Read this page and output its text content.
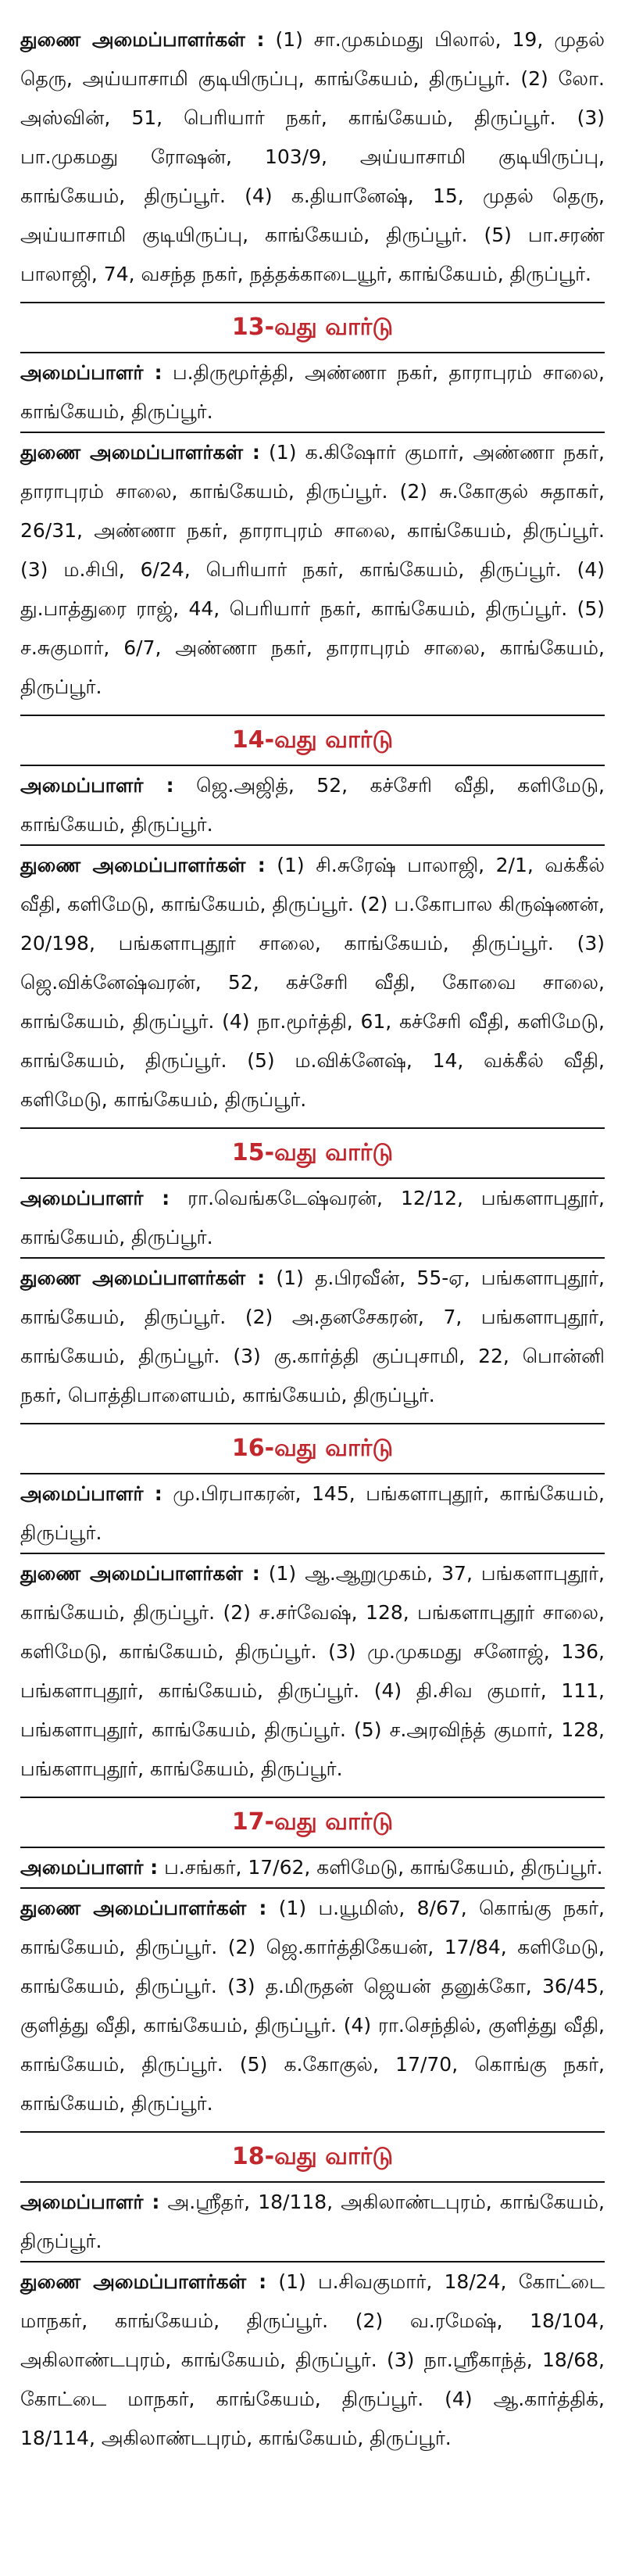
துணை அமைப்பாளர்கள் : (1) சா.முகம்மது பிலால், 19, முதல் தெரு, அய்யாசாமி குடியிருப்பு, காங்கேயம், திருப்பூர். (2) லோ. அஸ்வின், 51, பெரியார் நகர், காங்கேயம், திருப்பூர். (3) பா.முகமது ரோஷன், 103/9, அய்யாசாமி குடியிருப்பு, காங்கேயம், திருப்பூர். (4) க.தியானேஷ், 15, முதல் தெரு, அய்யாசாமி குடியிருப்பு, காங்கேயம், திருப்பூர். (5) பா.சரண் பாலாஜி, 74, வசந்த நகர், நத்தக்காடையூர், காங்கேயம், திருப்பூர்.

13-வது வார்டு

அமைப்பாளர் : ப.திருமூர்த்தி, அண்ணா நகர், தாராபுரம் சாலை, காங்கேயம், திருப்பூர்.

துணை அமைப்பாளர்கள் : (1) க.கிஷோர் குமார், அண்ணா நகர், தாராபுரம் சாலை, காங்கேயம், திருப்பூர். (2) சு.கோகுல் சுதாகர், 26/31, அண்ணா நகர், தாராபுரம் சாலை, காங்கேயம், திருப்பூர். (3) ம.சிபி, 6/24, பெரியார் நகர், காங்கேயம், திருப்பூர். (4) து.பாத்துரை ராஜ், 44, பெரியார் நகர், காங்கேயம், திருப்பூர். (5) ச.சுகுமார், 6/7, அண்ணா நகர், தாராபுரம் சாலை, காங்கேயம், திருப்பூர்.

14-வது வார்டு

அமைப்பாளர் : ஜெ.அஜித், 52, கச்சேரி வீதி, களிமேடு, காங்கேயம், திருப்பூர்.

துணை அமைப்பாளர்கள் : (1) சி.சுரேஷ் பாலாஜி, 2/1, வக்கீல் வீதி, களிமேடு, காங்கேயம், திருப்பூர். (2) ப.கோபால கிருஷ்ணன், 20/198, பங்களாபுதூர் சாலை, காங்கேயம், திருப்பூர். (3) ஜெ.விக்னேஷ்வரன், 52, கச்சேரி வீதி, கோவை சாலை, காங்கேயம், திருப்பூர். (4) நா.மூர்த்தி, 61, கச்சேரி வீதி, களிமேடு, காங்கேயம், திருப்பூர். (5) ம.விக்னேஷ், 14, வக்கீல் வீதி, களிமேடு, காங்கேயம், திருப்பூர்.

15-வது வார்டு

அமைப்பாளர் : ரா.வெங்கடேஷ்வரன், 12/12, பங்களாபுதூர், காங்கேயம், திருப்பூர்.

துணை அமைப்பாளர்கள் : (1) த.பிரவீன், 55-ஏ, பங்களாபுதூர், காங்கேயம், திருப்பூர். (2) அ.தனசேகரன், 7, பங்களாபுதூர், காங்கேயம், திருப்பூர். (3) கு.கார்த்தி குப்புசாமி, 22, பொன்னி நகர், பொத்திபாளையம், காங்கேயம், திருப்பூர்.

16-வது வார்டு

அமைப்பாளர் : மு.பிரபாகரன், 145, பங்களாபுதூர், காங்கேயம், திருப்பூர்.

துணை அமைப்பாளர்கள் : (1) ஆ.ஆறுமுகம், 37, பங்களாபுதூர், காங்கேயம், திருப்பூர். (2) ச.சர்வேஷ், 128, பங்களாபுதூர் சாலை, களிமேடு, காங்கேயம், திருப்பூர். (3) மு.முகமது சனோஜ், 136, பங்களாபுதூர், காங்கேயம், திருப்பூர். (4) தி.சிவ குமார், 111, பங்களாபுதூர், காங்கேயம், திருப்பூர். (5) ச.அரவிந்த் குமார், 128, பங்களாபுதூர், காங்கேயம், திருப்பூர்.

17-வது வார்டு

அமைப்பாளர் : ப.சங்கர், 17/62, களிமேடு, காங்கேயம், திருப்பூர்.

துணை அமைப்பாளர்கள் : (1) ப.யூமிஸ், 8/67, கொங்கு நகர், காங்கேயம், திருப்பூர். (2) ஜெ.கார்த்திகேயன், 17/84, களிமேடு, காங்கேயம், திருப்பூர். (3) த.மிருதன் ஜெயன் தனுக்கோ, 36/45, குளித்து வீதி, காங்கேயம், திருப்பூர். (4) ரா.செந்தில், குளித்து வீதி, காங்கேயம், திருப்பூர். (5) க.கோகுல், 17/70, கொங்கு நகர், காங்கேயம், திருப்பூர்.

18-வது வார்டு

அமைப்பாளர் : அ.ஸ்ரீதர், 18/118, அகிலாண்டபுரம், காங்கேயம், திருப்பூர்.

துணை அமைப்பாளர்கள் : (1) ப.சிவகுமார், 18/24, கோட்டை மாநகர், காங்கேயம், திருப்பூர். (2) வ.ரமேஷ், 18/104, அகிலாண்டபுரம், காங்கேயம், திருப்பூர். (3) நா.ஸ்ரீகாந்த், 18/68, கோட்டை மாநகர், காங்கேயம், திருப்பூர். (4) ஆ.கார்த்திக், 18/114, அகிலாண்டபுரம், காங்கேயம், திருப்பூர்.
